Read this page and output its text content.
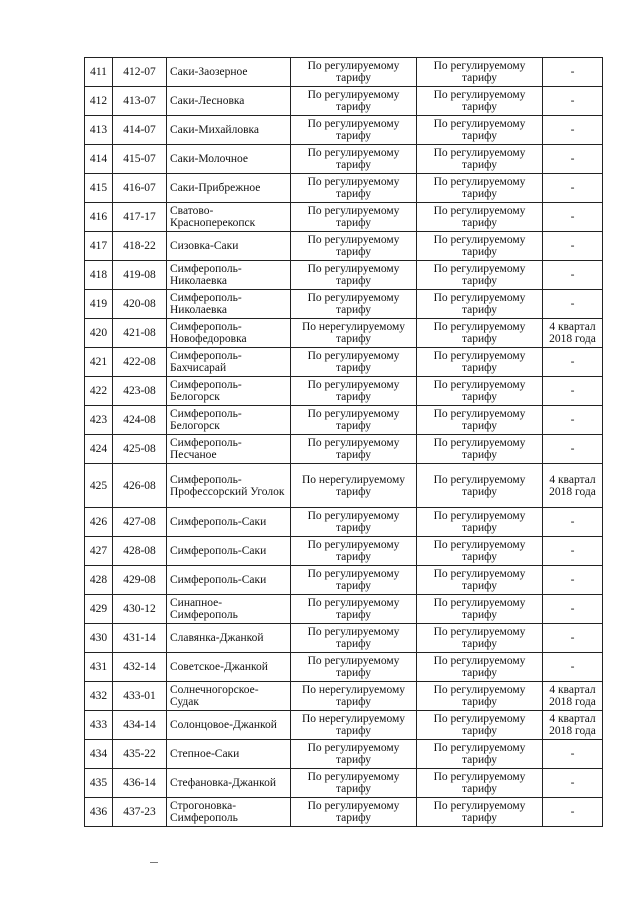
411	412-07	Саки-Заозерное	По регулируемому тарифу	По регулируемому тарифу	-
412	413-07	Саки-Лесновка	По регулируемому тарифу	По регулируемому тарифу	-
413	414-07	Саки-Михайловка	По регулируемому тарифу	По регулируемому тарифу	-
414	415-07	Саки-Молочное	По регулируемому тарифу	По регулируемому тарифу	-
415	416-07	Саки-Прибрежное	По регулируемому тарифу	По регулируемому тарифу	-
416	417-17	Сватово-Красноперекопск	По регулируемому тарифу	По регулируемому тарифу	-
417	418-22	Сизовка-Саки	По регулируемому тарифу	По регулируемому тарифу	-
418	419-08	Симферополь-Николаевка	По регулируемому тарифу	По регулируемому тарифу	-
419	420-08	Симферополь-Николаевка	По регулируемому тарифу	По регулируемому тарифу	-
420	421-08	Симферополь-Новофедоровка	По нерегулируемому тарифу	По регулируемому тарифу	4 квартал 2018 года
421	422-08	Симферополь-Бахчисарай	По регулируемому тарифу	По регулируемому тарифу	-
422	423-08	Симферополь-Белогорск	По регулируемому тарифу	По регулируемому тарифу	-
423	424-08	Симферополь-Белогорск	По регулируемому тарифу	По регулируемому тарифу	-
424	425-08	Симферополь-Песчаное	По регулируемому тарифу	По регулируемому тарифу	-
425	426-08	Симферополь-Профессорский Уголок	По нерегулируемому тарифу	По регулируемому тарифу	4 квартал 2018 года
426	427-08	Симферополь-Саки	По регулируемому тарифу	По регулируемому тарифу	-
427	428-08	Симферополь-Саки	По регулируемому тарифу	По регулируемому тарифу	-
428	429-08	Симферополь-Саки	По регулируемому тарифу	По регулируемому тарифу	-
429	430-12	Синапное-Симферополь	По регулируемому тарифу	По регулируемому тарифу	-
430	431-14	Славянка-Джанкой	По регулируемому тарифу	По регулируемому тарифу	-
431	432-14	Советское-Джанкой	По регулируемому тарифу	По регулируемому тарифу	-
432	433-01	Солнечногорское-Судак	По нерегулируемому тарифу	По регулируемому тарифу	4 квартал 2018 года
433	434-14	Солонцовое-Джанкой	По нерегулируемому тарифу	По регулируемому тарифу	4 квартал 2018 года
434	435-22	Степное-Саки	По регулируемому тарифу	По регулируемому тарифу	-
435	436-14	Стефановка-Джанкой	По регулируемому тарифу	По регулируемому тарифу	-
436	437-23	Строгоновка-Симферополь	По регулируемому тарифу	По регулируемому тарифу	-
